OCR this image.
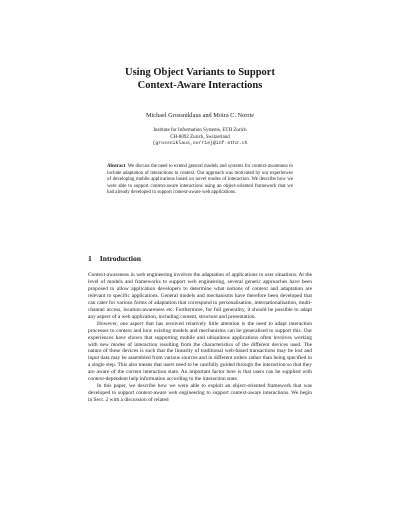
Using Object Variants to Support
Context-Aware Interactions
Michael Grossniklaus and Moira C. Norrie
Institute for Information Systems, ETH Zurich
CH-8092 Zurich, Switzerland
{grossniklaus,norrie}@inf.ethz.ch
Abstract We discuss the need to extend general models and systems for context-awareness to include adaptation of interactions to context. Our approach was motivated by our experiences of developing mobile applications based on novel modes of interaction. We describe how we were able to support context-aware interactions using an object-oriented framework that we had already developed to support context-aware web applications.
1 Introduction

Context-awareness in web engineering involves the adaptation of applications to user situations. At the level of models and frameworks to support web engineering, several generic approaches have been proposed to allow application developers to determine what notions of context and adaptation are relevant to specific applications. General models and mechanisms have therefore been developed that can cater for various forms of adaptation that correspond to personalisation, internationalisation, multi-channel access, location-awareness etc. Furthermore, for full generality, it should be possible to adapt any aspect of a web application, including content, structure and presentation.

However, one aspect that has received relatively little attention is the need to adapt interaction processes to context and how existing models and mechanisms can be generalised to support this. Our experiences have shown that supporting mobile and ubiquitous applications often involves working with new modes of interaction resulting from the characteristics of the different devices used. The nature of these devices is such that the linearity of traditional web-based transactions may be lost and input data may be assembled from various sources and in different orders rather than being specified in a single step. This also means that users need to be carefully guided through the interaction so that they are aware of the current interaction state. An important factor here is that users can be supplied with context-dependent help information according to the interaction state.

In this paper, we describe how we were able to exploit an object-oriented framework that was developed to support context-aware web engineering to support context-aware interactions. We begin in Sect. 2 with a discussion of related
